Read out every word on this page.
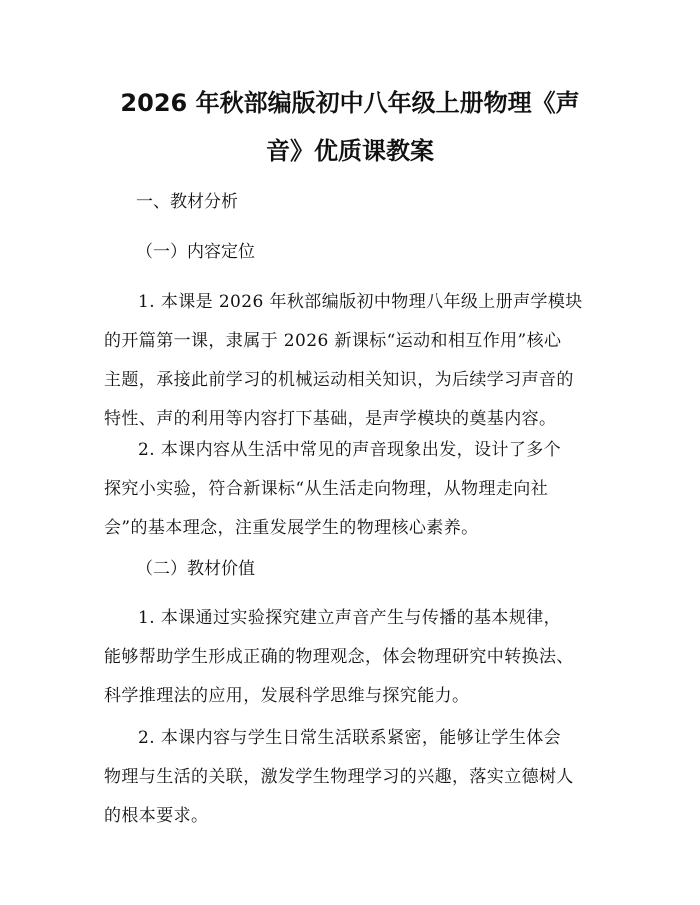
2026 年秋部编版初中八年级上册物理《声
音》优质课教案
一、教材分析
（一）内容定位
1. 本课是 2026 年秋部编版初中物理八年级上册声学模块
的开篇第一课，隶属于 2026 新课标“运动和相互作用”核心
主题，承接此前学习的机械运动相关知识，为后续学习声音的
特性、声的利用等内容打下基础，是声学模块的奠基内容。
2. 本课内容从生活中常见的声音现象出发，设计了多个
探究小实验，符合新课标“从生活走向物理，从物理走向社
会”的基本理念，注重发展学生的物理核心素养。
（二）教材价值
1. 本课通过实验探究建立声音产生与传播的基本规律，
能够帮助学生形成正确的物理观念，体会物理研究中转换法、
科学推理法的应用，发展科学思维与探究能力。
2. 本课内容与学生日常生活联系紧密，能够让学生体会
物理与生活的关联，激发学生物理学习的兴趣，落实立德树人
的根本要求。
